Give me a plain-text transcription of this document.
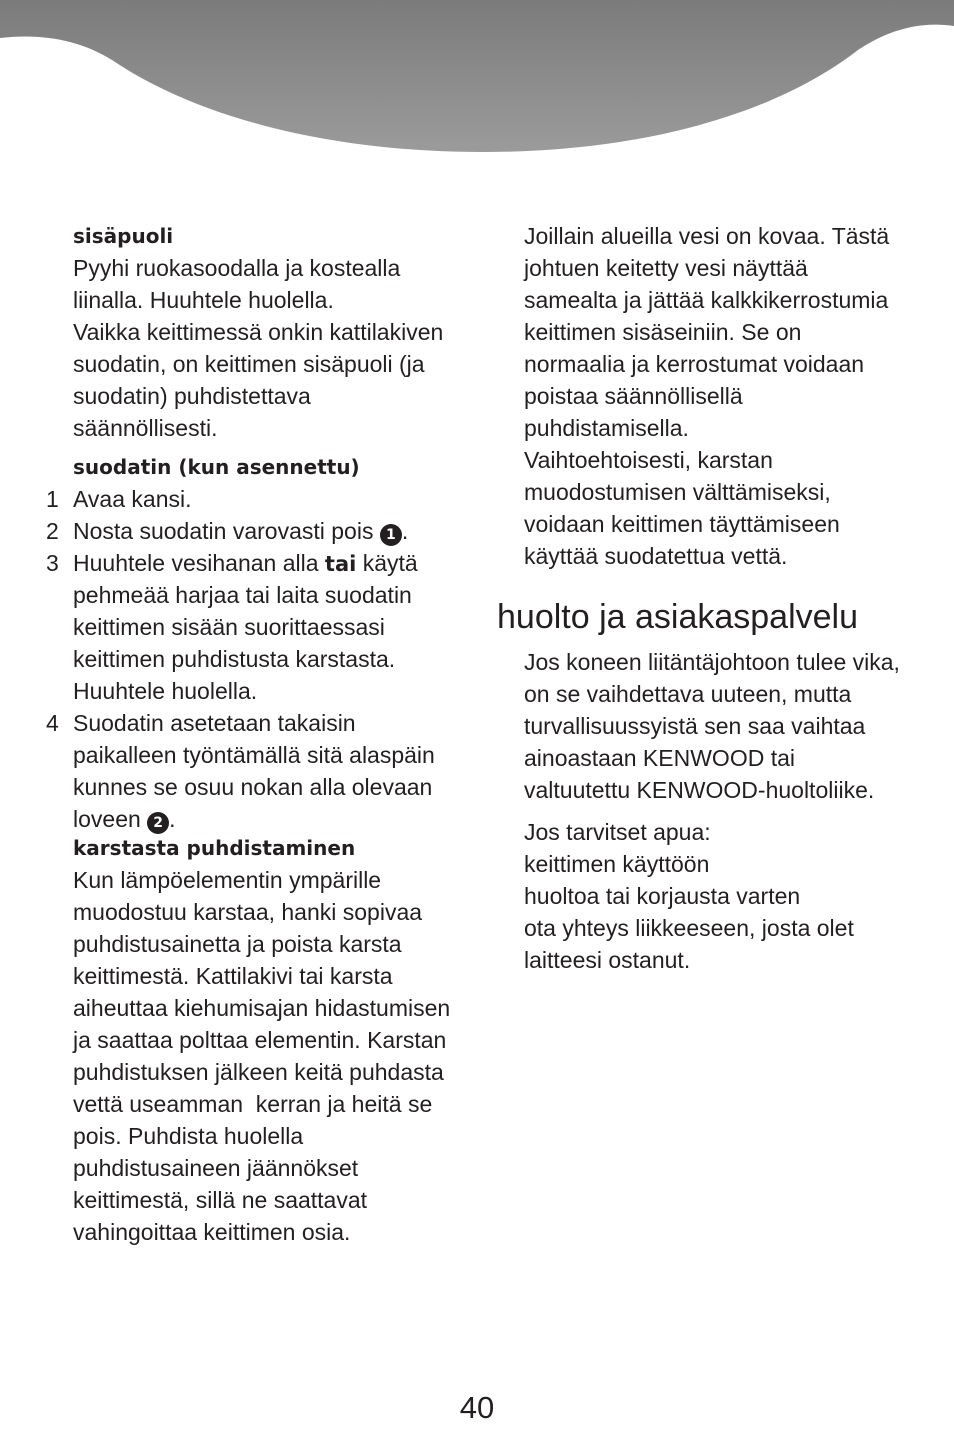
sisäpuoli
Pyyhi ruokasoodalla ja kostealla
liinalla. Huuhtele huolella.
Vaikka keittimessä onkin kattilakiven
suodatin, on keittimen sisäpuoli (ja
suodatin) puhdistettava
säännöllisesti.
suodatin (kun asennettu)
1 Avaa kansi.
2 Nosta suodatin varovasti pois 1 .
3 Huuhtele vesihanan alla tai käytä
pehmeää harjaa tai laita suodatin
keittimen sisään suorittaessasi
keittimen puhdistusta karstasta.
Huuhtele huolella.
4 Suodatin asetetaan takaisin
paikalleen työntämällä sitä alaspäin
kunnes se osuu nokan alla olevaan
loveen 2 .
karstasta puhdistaminen
Kun lämpöelementin ympärille
muodostuu karstaa, hanki sopivaa
puhdistusainetta ja poista karsta
keittimestä. Kattilakivi tai karsta
aiheuttaa kiehumisajan hidastumisen
ja saattaa polttaa elementin. Karstan
puhdistuksen jälkeen keitä puhdasta
vettä useamman  kerran ja heitä se
pois. Puhdista huolella
puhdistusaineen jäännökset
keittimestä, sillä ne saattavat
vahingoittaa keittimen osia.
Joillain alueilla vesi on kovaa. Tästä
johtuen keitetty vesi näyttää
samealta ja jättää kalkkikerrostumia
keittimen sisäseiniin. Se on
normaalia ja kerrostumat voidaan
poistaa säännöllisellä
puhdistamisella.
Vaihtoehtoisesti, karstan
muodostumisen välttämiseksi,
voidaan keittimen täyttämiseen
käyttää suodatettua vettä.
huolto ja asiakaspalvelu
Jos koneen liitäntäjohtoon tulee vika,
on se vaihdettava uuteen, mutta
turvallisuussyistä sen saa vaihtaa
ainoastaan KENWOOD tai
valtuutettu KENWOOD-huoltoliike.
Jos tarvitset apua:
keittimen käyttöön
huoltoa tai korjausta varten
ota yhteys liikkeeseen, josta olet
laitteesi ostanut.
40
